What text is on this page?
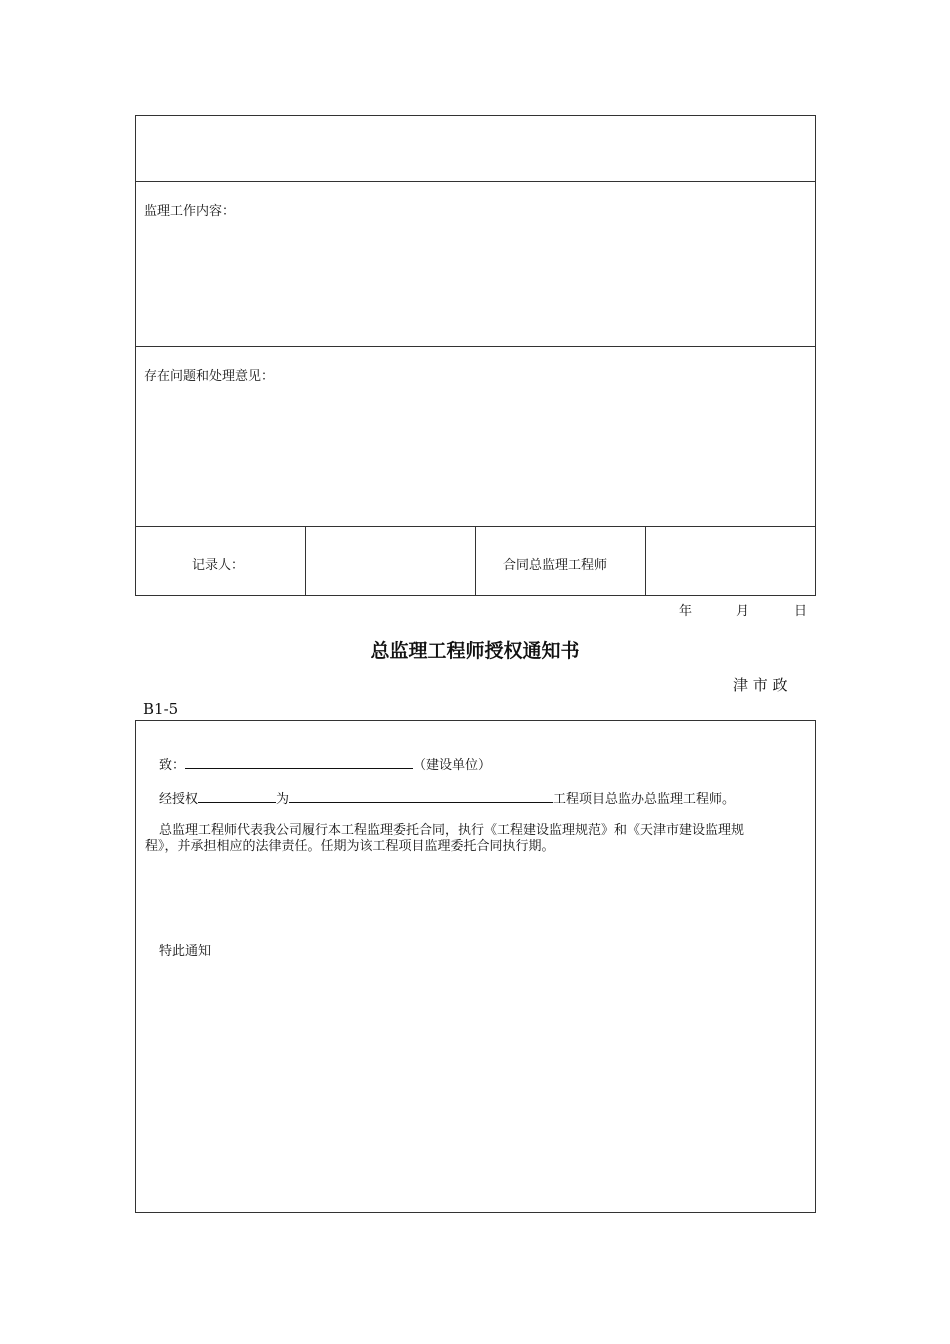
监理工作内容：
存在问题和处理意见：
记录人：	合同总监理工程师
年	月	日
总监理工程师授权通知书
津 市 政
B1-5
致：	（建设单位）
经授权	为	工程项目总监办总监理工程师。
总监理工程师代表我公司履行本工程监理委托合同，执行《工程建设监理规范》和《天津市建设监理规
程》，并承担相应的法律责任。任期为该工程项目监理委托合同执行期。
特此通知
